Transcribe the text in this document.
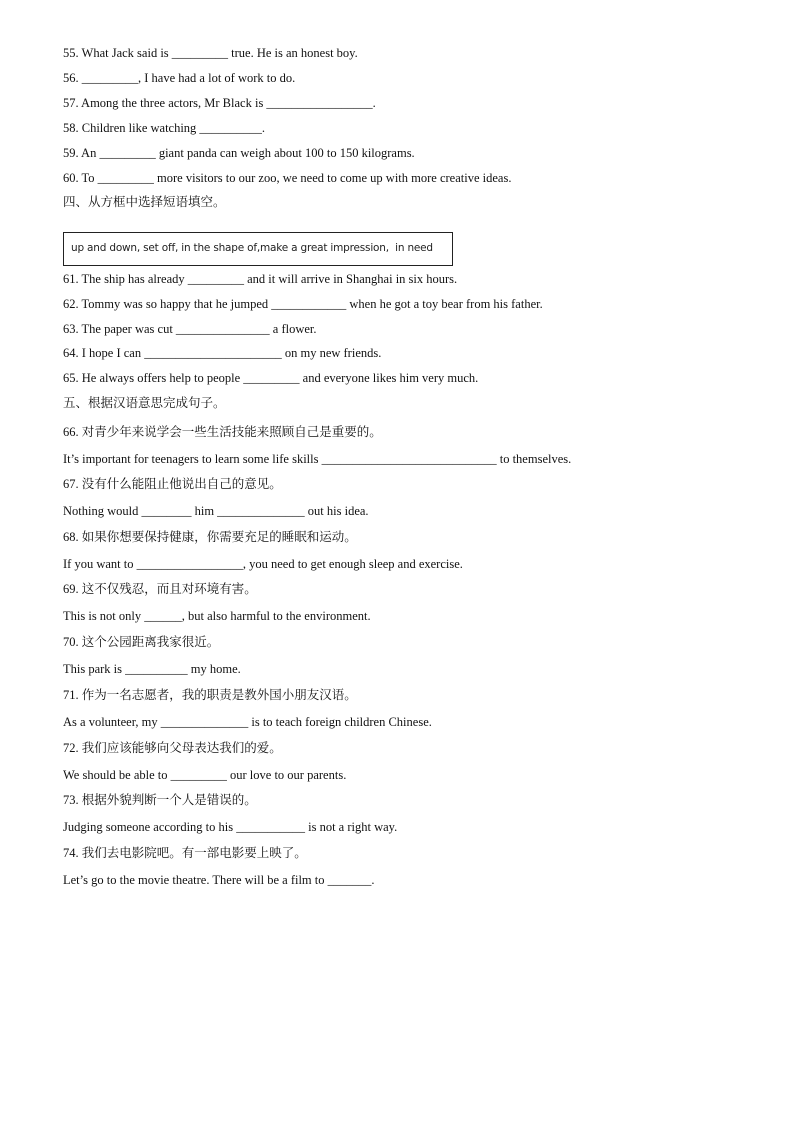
55. What Jack said is _________ true. He is an honest boy.
56. _________, I have had a lot of work to do.
57. Among the three actors, Mr Black is _________________.
58. Children like watching __________.
59. An _________ giant panda can weigh about 100 to 150 kilograms.
60. To _________ more visitors to our zoo, we need to come up with more creative ideas.
四、从方框中选择短语填空。
up and down, set off, in the shape of,make a great impression,  in need
61. The ship has already _________ and it will arrive in Shanghai in six hours.
62. Tommy was so happy that he jumped ____________ when he got a toy bear from his father.
63. The paper was cut _______________ a flower.
64. I hope I can ______________________ on my new friends.
65. He always offers help to people _________ and everyone likes him very much.
五、根据汉语意思完成句子。
66. 对青少年来说学会一些生活技能来照顾自己是重要的。
It’s important for teenagers to learn some life skills ____________________________ to themselves.
67. 没有什么能阻止他说出自己的意见。
Nothing would ________ him ______________ out his idea.
68. 如果你想要保持健康，你需要充足的睡眠和运动。
If you want to _________________, you need to get enough sleep and exercise.
69. 这不仅残忍，而且对环境有害。
This is not only ______, but also harmful to the environment.
70. 这个公园距离我家很近。
This park is __________ my home.
71. 作为一名志愿者，我的职责是教外国小朋友汉语。
As a volunteer, my ______________ is to teach foreign children Chinese.
72. 我们应该能够向父母表达我们的爱。
We should be able to _________ our love to our parents.
73. 根据外貌判断一个人是错误的。
Judging someone according to his ___________ is not a right way.
74. 我们去电影院吧。有一部电影要上映了。
Let’s go to the movie theatre. There will be a film to _______.
